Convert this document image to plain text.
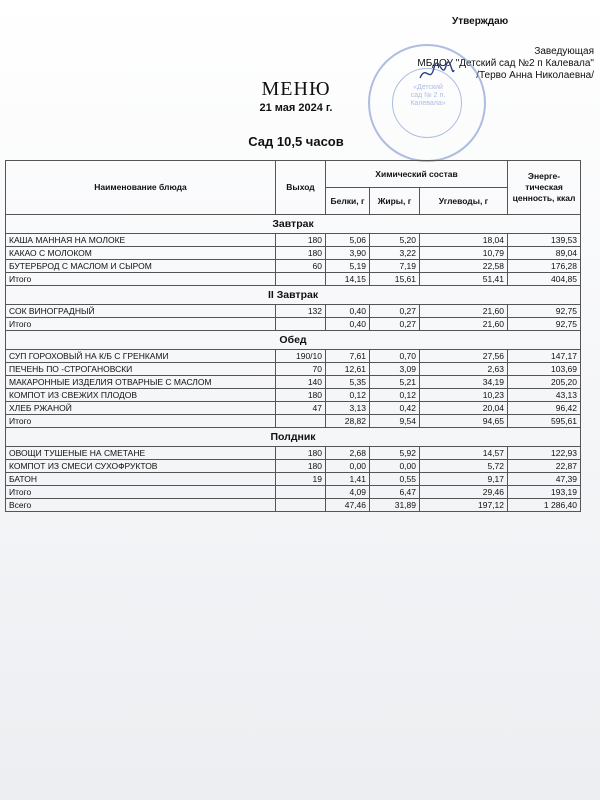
Утверждаю
Заведующая
МБДОУ "Детский сад №2 п Калевала"
/Терво Анна Николаевна/
«Детский сад № 2 п. Калевала»
МЕНЮ
21 мая 2024 г.
Сад 10,5 часов
Наименование блюда	Выход	Химический состав			Энерге-тическая ценность, ккал
		Белки, г	Жиры, г	Углеводы, г	
Завтрак					
КАША МАННАЯ НА МОЛОКЕ	180	5,06	5,20	18,04	139,53
КАКАО С МОЛОКОМ	180	3,90	3,22	10,79	89,04
БУТЕРБРОД С МАСЛОМ И СЫРОМ	60	5,19	7,19	22,58	176,28
Итого		14,15	15,61	51,41	404,85
II Завтрак					
СОК ВИНОГРАДНЫЙ	132	0,40	0,27	21,60	92,75
Итого		0,40	0,27	21,60	92,75
Обед					
СУП ГОРОХОВЫЙ НА К/Б С ГРЕНКАМИ	190/10	7,61	0,70	27,56	147,17
ПЕЧЕНЬ ПО -СТРОГАНОВСКИ	70	12,61	3,09	2,63	103,69
МАКАРОННЫЕ ИЗДЕЛИЯ ОТВАРНЫЕ С МАСЛОМ	140	5,35	5,21	34,19	205,20
КОМПОТ ИЗ СВЕЖИХ ПЛОДОВ	180	0,12	0,12	10,23	43,13
ХЛЕБ РЖАНОЙ	47	3,13	0,42	20,04	96,42
Итого		28,82	9,54	94,65	595,61
Полдник					
ОВОЩИ ТУШЕНЫЕ НА СМЕТАНЕ	180	2,68	5,92	14,57	122,93
КОМПОТ ИЗ СМЕСИ СУХОФРУКТОВ	180	0,00	0,00	5,72	22,87
БАТОН	19	1,41	0,55	9,17	47,39
Итого		4,09	6,47	29,46	193,19
Всего		47,46	31,89	197,12	1 286,40
